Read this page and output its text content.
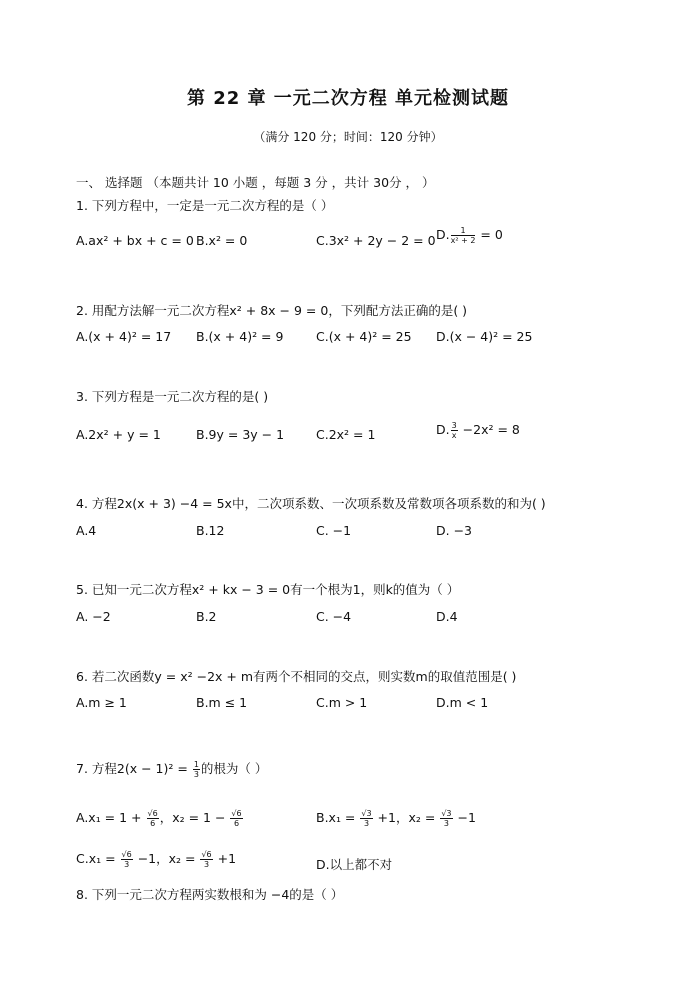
第 22 章 一元二次方程 单元检测试题
（满分 120 分；时间：120 分钟）
一、 选择题 （本题共计 10 小题 ，每题 3 分 ，共计 30分 ， ）
1. 下列方程中，一定是一元二次方程的是（ ）
A.ax² + bx + c = 0 B.x² = 0	C.3x² + 2y − 2 = 0 D. $\frac{1}{\text{x² + 2}} = 0$
2. 用配方法解一元二次方程x² + 8x − 9 = 0，下列配方法正确的是( )
A.(x + 4)² = 17 B.(x + 4)² = 9	C.(x + 4)² = 25 D.(x − 4)² = 25
3. 下列方程是一元二次方程的是( )
A.2x² + y = 1	B.9y = 3y − 1	C.2x² = 1	D. $\frac{3}{x} -2x^2 = 8$
4. 方程2x(x + 3) −4 = 5x中，二次项系数、一次项系数及常数项各项系数的和为( )
A.4	B.12	C. −1	D. −3
5. 已知一元二次方程x² + kx − 3 = 0有一个根为1，则k的值为（ ）
A. −2	B.2	C. −4	D.4
6. 若二次函数y = x² −2x + m有两个不相同的交点，则实数m的取值范围是( )
A.m ≥ 1	B.m ≤ 1	C.m > 1	D.m < 1
7. 方程$2(x - 1)^2 = \frac{1}{3}$ 的根为（ ）
$A.x_1 = 1 + \frac{√6}{6}$ ，$x_2 = 1 - \frac{√6}{6}$	$B.x_1 = \frac{√3}{3} +1$，$x_2 = \frac{√3}{3} -1$
$C.x_1 = \frac{√6}{3} -1$，$x_2 = \frac{√6}{3} +1$	D.以上都不对
8. 下列一元二次方程两实数根和为 −4的是（ ）
